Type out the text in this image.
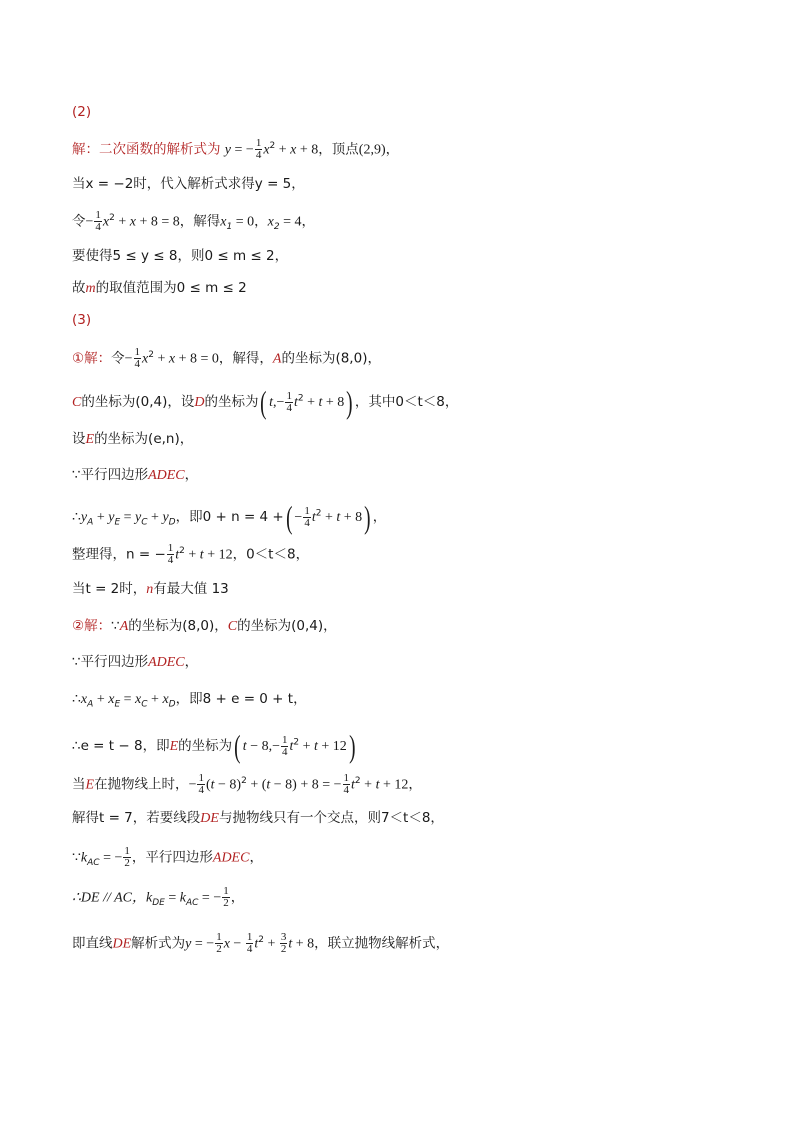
(2)
解：二次函数的解析式为 y = − $\frac{1}{4} x^2 + x + 8$，顶点(2,9)，
当x = −2时，代入解析式求得y = 5，
令− $\frac{1}{4} x^2 + x + 8 = 8$，解得$x_1 = 0$，$x_2 = 4$，
要使得5 ≤ y ≤ 8，则0 ≤ m ≤ 2，
故m的取值范围为0 ≤ m ≤ 2
(3)
①解：令− $\frac{1}{4} x^2 + x + 8 = 0$，解得，A的坐标为(8,0)，
C的坐标为(0,4)，设D的坐标为( $t,- \frac{1}{4} t^2 + t + 8$) ，其中0＜t＜8，
设E的坐标为(e,n)，
∵平行四边形ADEC，
$\therefore y_A + y_E = y_C + y_D$，即0 + n = 4 +( − $\frac{1}{4} t^2 + t + 8$) ，
整理得，n = − $\frac{1}{4} t^2 + t + 12$，0＜t＜8，
当t = 2时，n有最大值 13
②解：∵A的坐标为(8,0)，C的坐标为(0,4)，
∵平行四边形ADEC，
$\therefore x_A + x_E = x_C + x_D$，即8 + e = 0 + t，
∴e = t − 8，即E的坐标为( $t - 8,- \frac{1}{4} t^2 + t + 12$)
当E在抛物线上时，− $\frac{1}{4} (t - 8)^2 + (t - 8) + 8$ = − $\frac{1}{4} t^2 + t + 12$，
解得t = 7，若要线段DE与抛物线只有一个交点，则7＜t＜8，
$\because k_{AC}$ = − $\frac{1}{2}$ ，平行四边形ADEC，
∴DE // AC，$k_{DE} = k_{AC}$ = − $\frac{1}{2}$ ，
即直线DE解析式为y = − $\frac{1}{2}$ $x - \frac{1}{4} t^2 + \frac{3}{2}$ t + 8，联立抛物线解析式，
